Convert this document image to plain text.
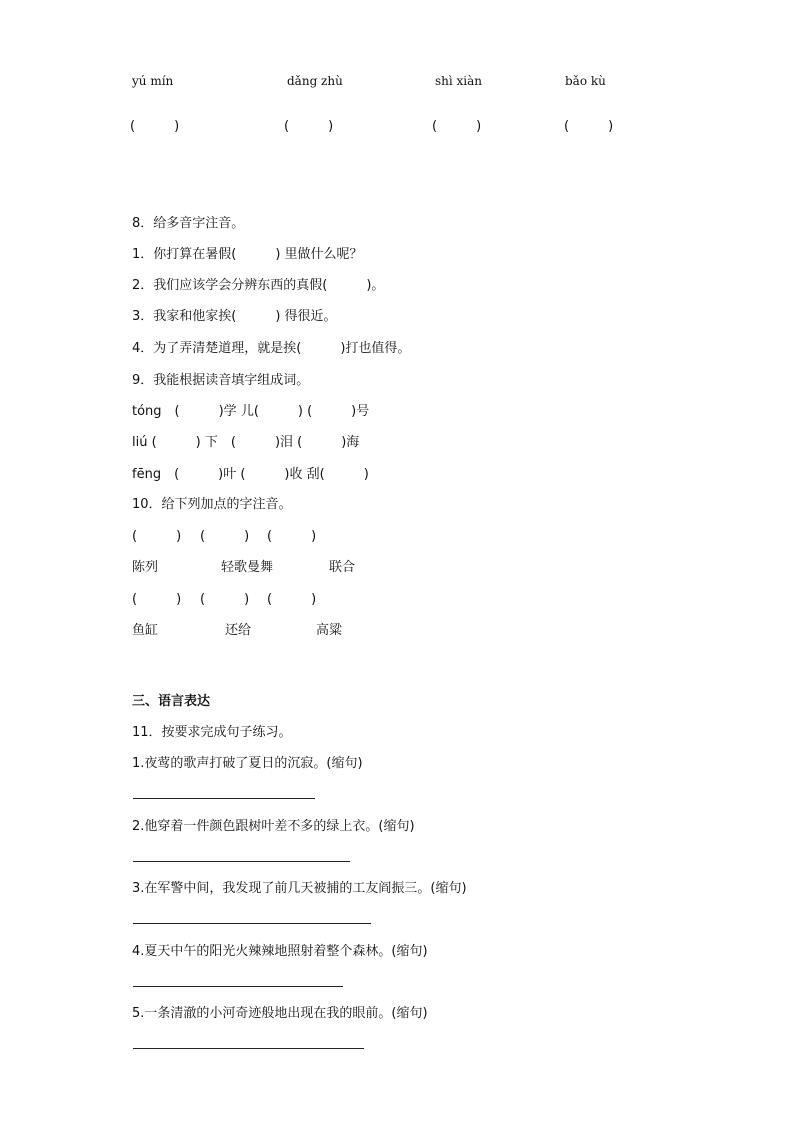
yú mín	dǎng zhù	shì xiàn	bǎo kù
(　　　)	(　　　)	(　　　)	(　　　)
8．给多音字注音。
1．你打算在暑假(　　　) 里做什么呢？
2．我们应该学会分辨东西的真假(　　　)。
3．我家和他家挨(　　　) 得很近。
4．为了弄清楚道理，就是挨(　　　)打也值得。
9．我能根据读音填字组成词。
tóng　(　　　)学 儿(　　　) (　　　)号
liú (　　　) 下　(　　　)泪 (　　　)海
fēng　(　　　)叶 (　　　)收 刮(　　　)
10．给下列加点的字注音。
(　　　) (　　　) (　　　)
陈列	轻歌曼舞	联合
(　　　) (　　　) (　　　)
鱼缸	还给	高粱
三、语言表达
11．按要求完成句子练习。
1.夜莺的歌声打破了夏日的沉寂。(缩句)
2.他穿着一件颜色跟树叶差不多的绿上衣。(缩句)
3.在军警中间，我发现了前几天被捕的工友阎振三。(缩句)
4.夏天中午的阳光火辣辣地照射着整个森林。(缩句)
5.一条清澈的小河奇迹般地出现在我的眼前。(缩句)
